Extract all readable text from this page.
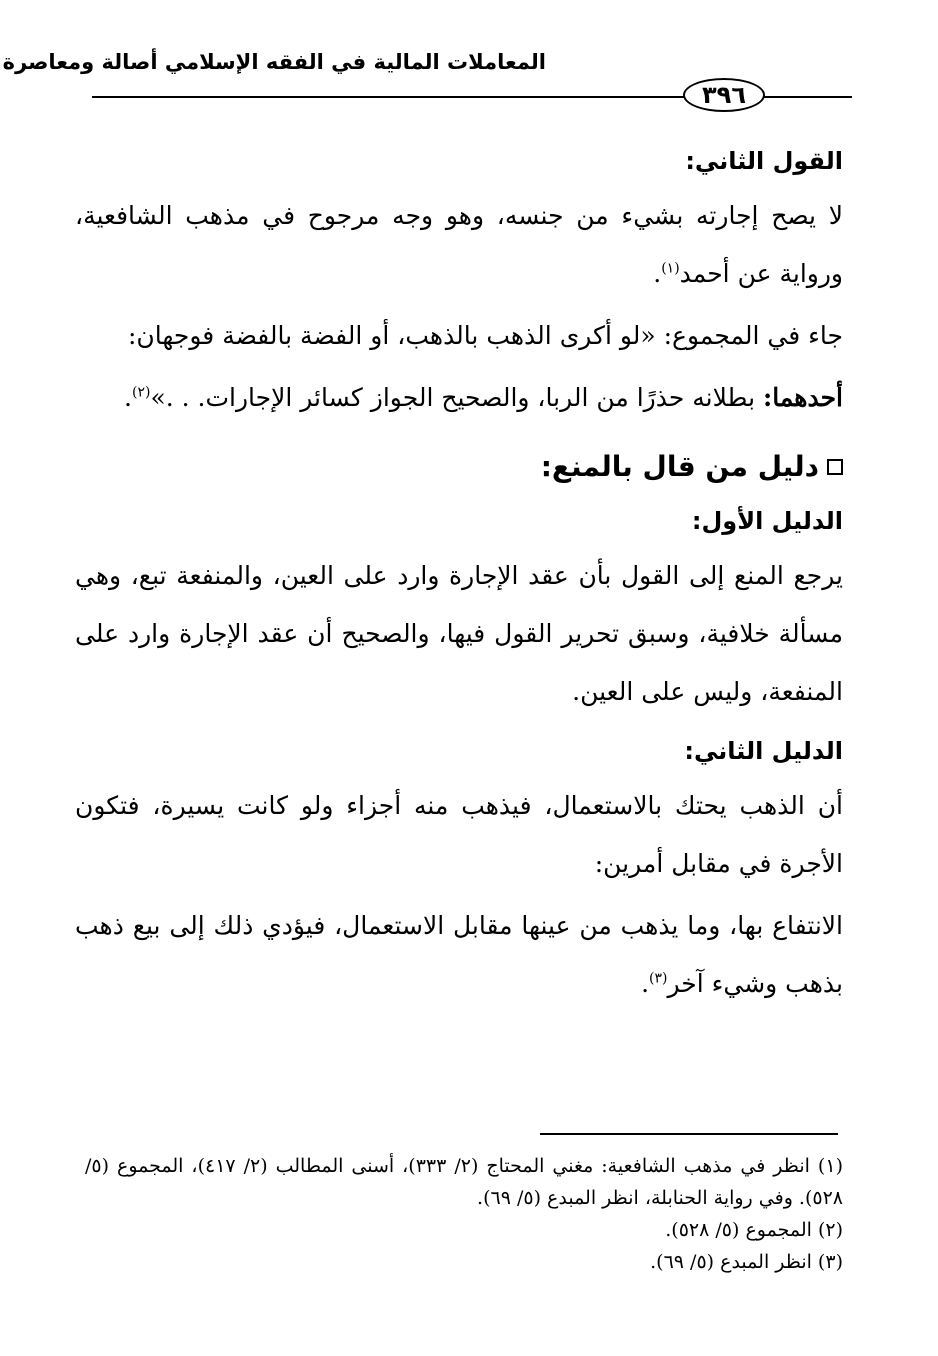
المعاملات المالية في الفقه الإسلامي أصالة ومعاصرة
٣٩٦

القول الثاني:

لا يصح إجارته بشيء من جنسه، وهو وجه مرجوح في مذهب الشافعية، ورواية عن أحمد$^{(١)}$.

جاء في المجموع: «لو أكرى الذهب بالذهب، أو الفضة بالفضة فوجهان:

أحدهما: بطلانه حذرًا من الربا، والصحيح الجواز كسائر الإجارات. . .»$^{(٢)}$.

دليل من قال بالمنع:

الدليل الأول:

يرجع المنع إلى القول بأن عقد الإجارة وارد على العين، والمنفعة تبع، وهي مسألة خلافية، وسبق تحرير القول فيها، والصحيح أن عقد الإجارة وارد على المنفعة، وليس على العين.

الدليل الثاني:

أن الذهب يحتك بالاستعمال، فيذهب منه أجزاء ولو كانت يسيرة، فتكون الأجرة في مقابل أمرين:

الانتفاع بها، وما يذهب من عينها مقابل الاستعمال، فيؤدي ذلك إلى بيع ذهب بذهب وشيء آخر$^{(٣)}$.

(١) انظر في مذهب الشافعية: مغني المحتاج (٢/ ٣٣٣)، أسنى المطالب (٢/ ٤١٧)، المجموع (٥/ ٥٢٨). وفي رواية الحنابلة، انظر المبدع (٥/ ٦٩).

(٢) المجموع (٥/ ٥٢٨).

(٣) انظر المبدع (٥/ ٦٩).
